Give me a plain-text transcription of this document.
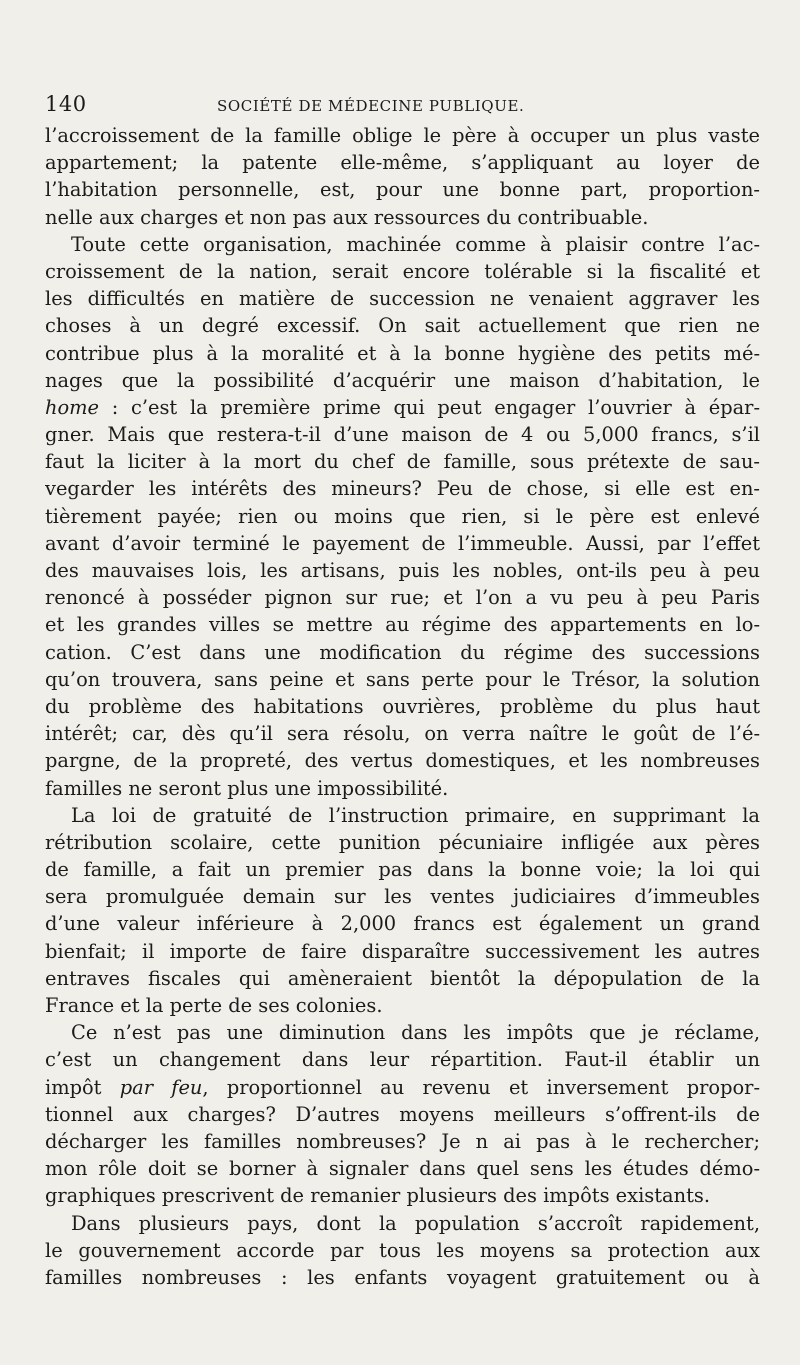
140	SOCIÉTÉ DE MÉDECINE PUBLIQUE.
l’accroissement de la famille oblige le père à occuper un plus vaste
appartement; la patente elle-même, s’appliquant au loyer de
l’habitation personnelle, est, pour une bonne part, proportion-
nelle aux charges et non pas aux ressources du contribuable.
Toute cette organisation, machinée comme à plaisir contre l’ac-
croissement de la nation, serait encore tolérable si la fiscalité et
les difficultés en matière de succession ne venaient aggraver les
choses à un degré excessif. On sait actuellement que rien ne
contribue plus à la moralité et à la bonne hygiène des petits mé-
nages que la possibilité d’acquérir une maison d’habitation, le
home : c’est la première prime qui peut engager l’ouvrier à épar-
gner. Mais que restera-t-il d’une maison de 4 ou 5,000 francs, s’il
faut la liciter à la mort du chef de famille, sous prétexte de sau-
vegarder les intérêts des mineurs? Peu de chose, si elle est en-
tièrement payée; rien ou moins que rien, si le père est enlevé
avant d’avoir terminé le payement de l’immeuble. Aussi, par l’effet
des mauvaises lois, les artisans, puis les nobles, ont-ils peu à peu
renoncé à posséder pignon sur rue; et l’on a vu peu à peu Paris
et les grandes villes se mettre au régime des appartements en lo-
cation. C’est dans une modification du régime des successions
qu’on trouvera, sans peine et sans perte pour le Trésor, la solution
du problème des habitations ouvrières, problème du plus haut
intérêt; car, dès qu’il sera résolu, on verra naître le goût de l’é-
pargne, de la propreté, des vertus domestiques, et les nombreuses
familles ne seront plus une impossibilité.
La loi de gratuité de l’instruction primaire, en supprimant la
rétribution scolaire, cette punition pécuniaire infligée aux pères
de famille, a fait un premier pas dans la bonne voie; la loi qui
sera promulguée demain sur les ventes judiciaires d’immeubles
d’une valeur inférieure à 2,000 francs est également un grand
bienfait; il importe de faire disparaître successivement les autres
entraves fiscales qui amèneraient bientôt la dépopulation de la
France et la perte de ses colonies.
Ce n’est pas une diminution dans les impôts que je réclame,
c’est un changement dans leur répartition. Faut-il établir un
impôt par feu, proportionnel au revenu et inversement propor-
tionnel aux charges? D’autres moyens meilleurs s’offrent-ils de
décharger les familles nombreuses? Je n ai pas à le rechercher;
mon rôle doit se borner à signaler dans quel sens les études démo-
graphiques prescrivent de remanier plusieurs des impôts existants.
Dans plusieurs pays, dont la population s’accroît rapidement,
le gouvernement accorde par tous les moyens sa protection aux
familles nombreuses : les enfants voyagent gratuitement ou à
